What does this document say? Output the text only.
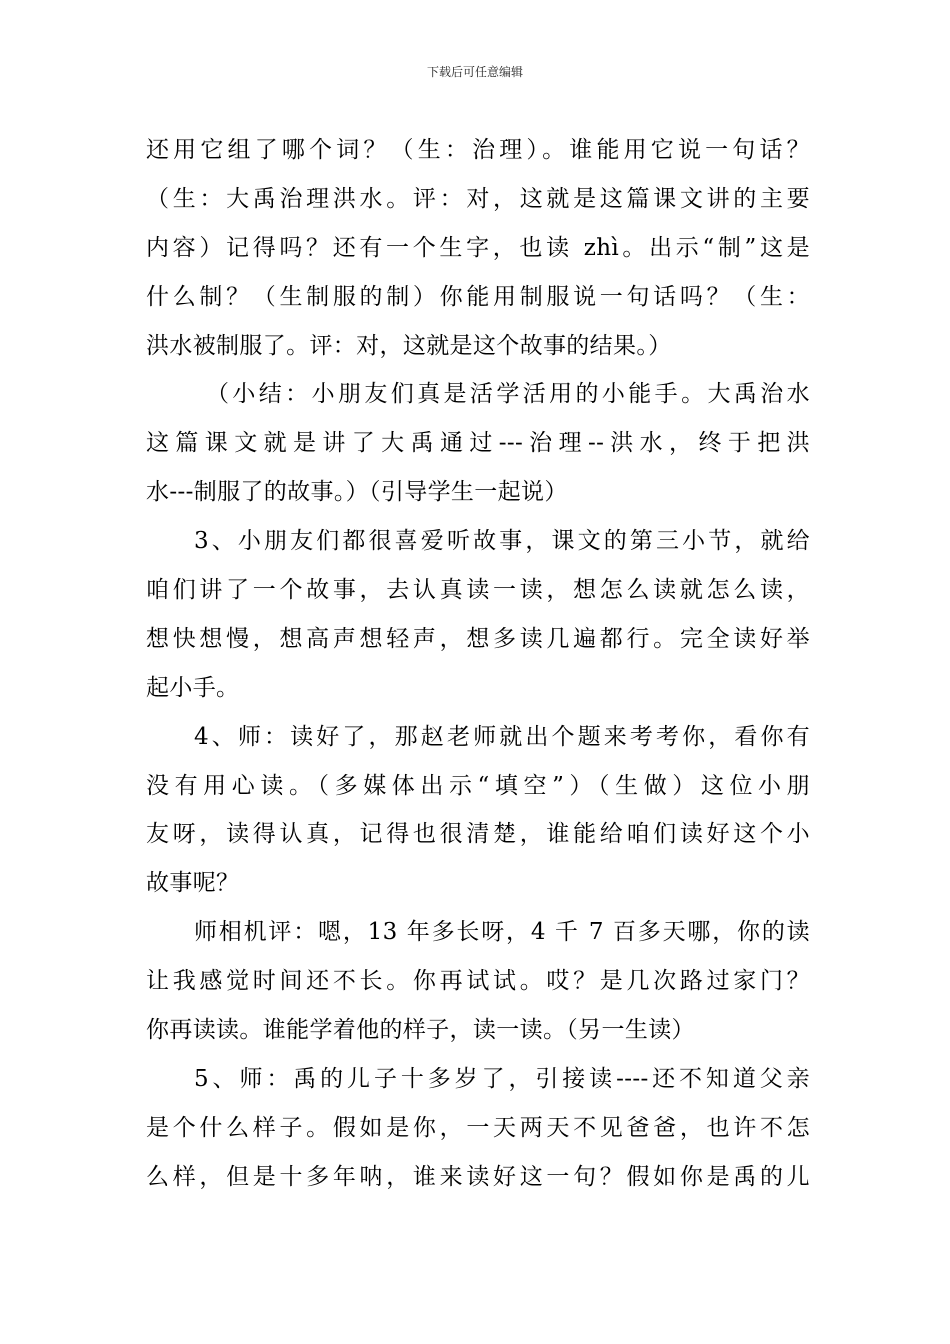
下载后可任意编辑
还用它组了哪个词？（生：治理）。谁能用它说一句话？
（生：大禹治理洪水。评：对，这就是这篇课文讲的主要
内容）记得吗？还有一个生字，也读 zhì。出示“制”这是
什么制？（生制服的制）你能用制服说一句话吗？（生：
洪水被制服了。评：对，这就是这个故事的结果。）
（小结：小朋友们真是活学活用的小能手。大禹治水
这篇课文就是讲了大禹通过---治理--洪水，终于把洪
水---制服了的故事。）（引导学生一起说）
3、小朋友们都很喜爱听故事，课文的第三小节，就给
咱们讲了一个故事，去认真读一读，想怎么读就怎么读，
想快想慢，想高声想轻声，想多读几遍都行。完全读好举
起小手。
4、师：读好了，那赵老师就出个题来考考你，看你有
没有用心读。（多媒体出示“填空”）（生做）这位小朋
友呀，读得认真，记得也很清楚，谁能给咱们读好这个小
故事呢？
师相机评：嗯，13 年多长呀，4 千 7 百多天哪，你的读
让我感觉时间还不长。你再试试。哎？是几次路过家门？
你再读读。谁能学着他的样子，读一读。（另一生读）
5、师：禹的儿子十多岁了，引接读----还不知道父亲
是个什么样子。假如是你，一天两天不见爸爸，也许不怎
么样，但是十多年呐，谁来读好这一句？假如你是禹的儿
